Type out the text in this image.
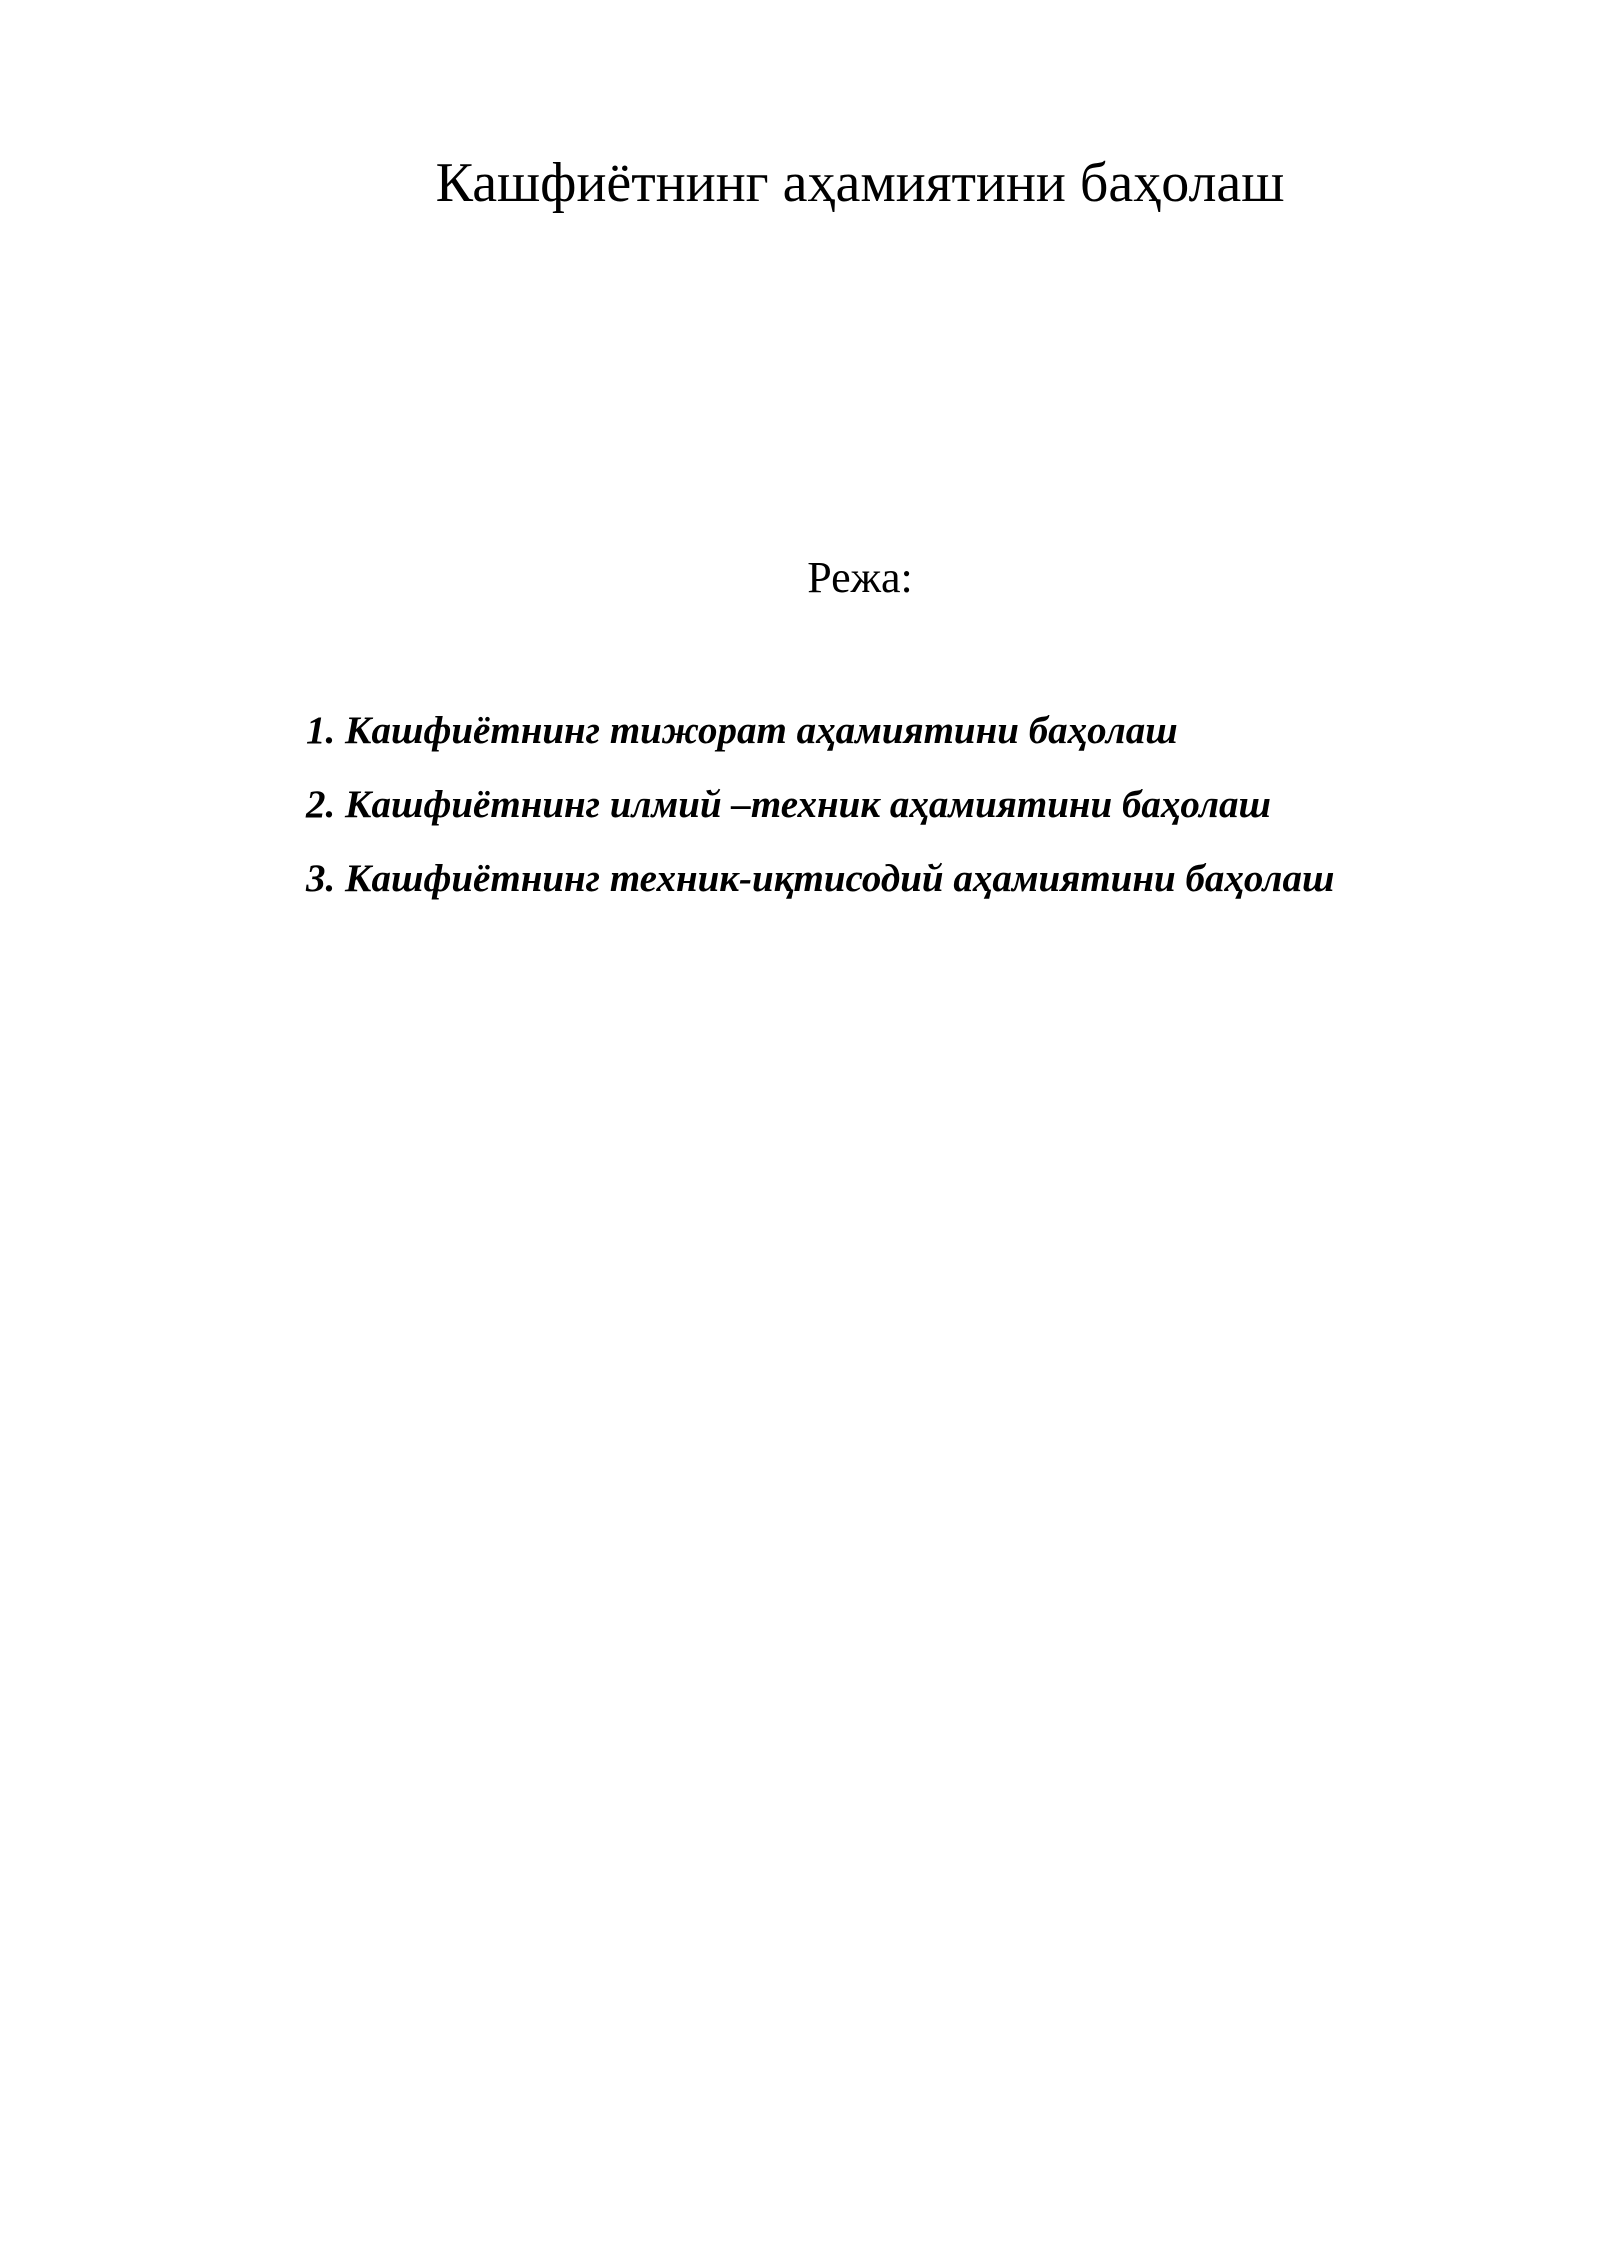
Кашфиётнинг аҳамиятини баҳолаш

Режа:

1. Кашфиётнинг тижорат аҳамиятини баҳолаш
2. Кашфиётнинг илмий –техник аҳамиятини баҳолаш
3. Кашфиётнинг техник-иқтисодий аҳамиятини баҳолаш
